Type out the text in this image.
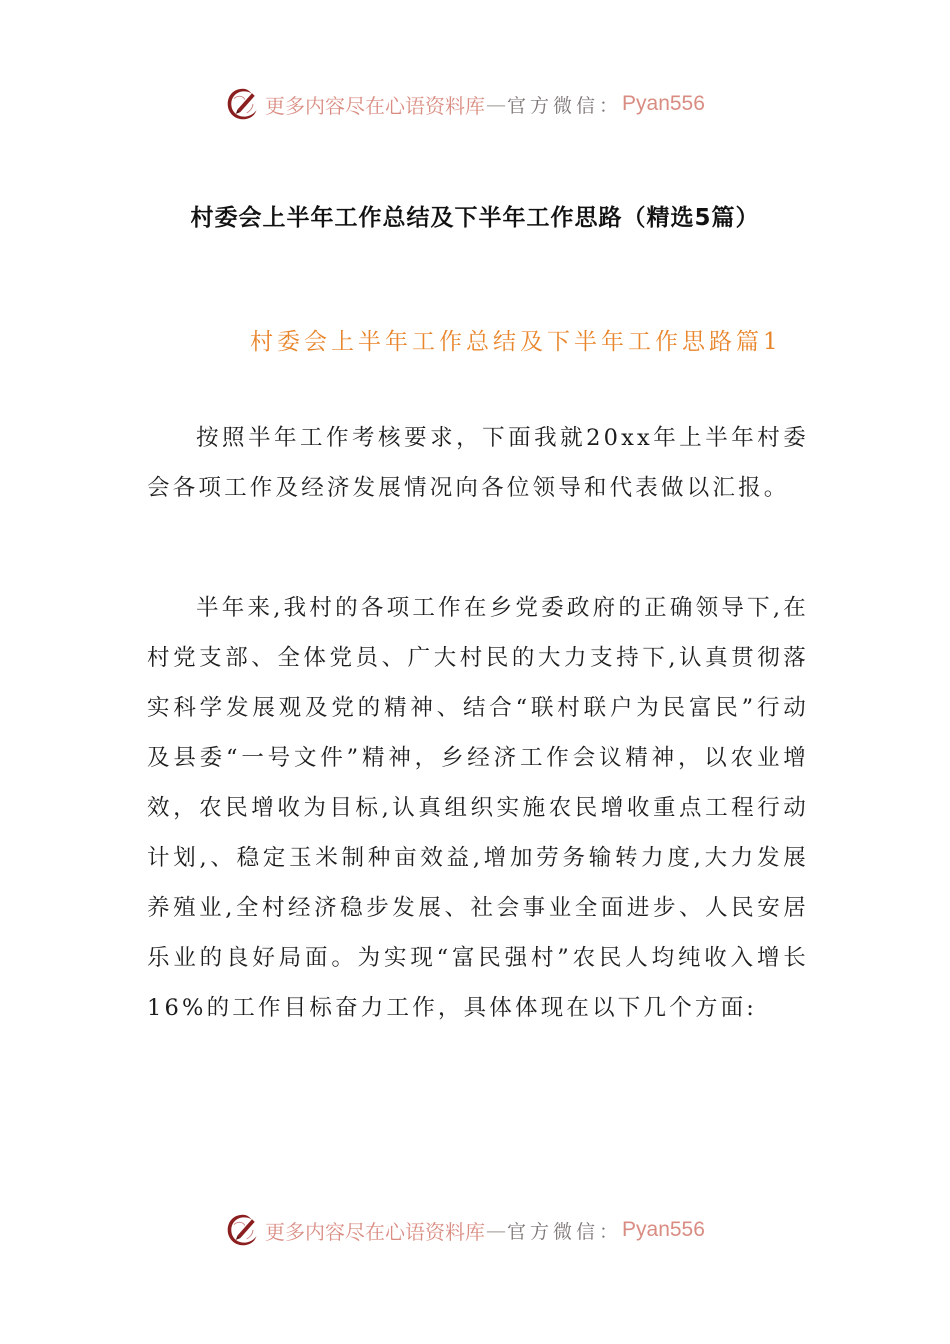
更多内容尽在心语资料库 — 官方微信： Pyan556
村委会上半年工作总结及下半年工作思路（精选5篇）
村委会上半年工作总结及下半年工作思路篇1

按照半年工作考核要求，下面我就20xx年上半年村委会各项工作及经济发展情况向各位领导和代表做以汇报。

半年来,我村的各项工作在乡党委政府的正确领导下,在村党支部、全体党员、广大村民的大力支持下,认真贯彻落实科学发展观及党的精神、结合“联村联户为民富民”行动及县委“一号文件”精神，乡经济工作会议精神，以农业增效，农民增收为目标,认真组织实施农民增收重点工程行动计划,、稳定玉米制种亩效益,增加劳务输转力度,大力发展养殖业,全村经济稳步发展、社会事业全面进步、人民安居乐业的良好局面。为实现“富民强村”农民人均纯收入增长16%的工作目标奋力工作，具体体现在以下几个方面:

更多内容尽在心语资料库 — 官方微信： Pyan556
